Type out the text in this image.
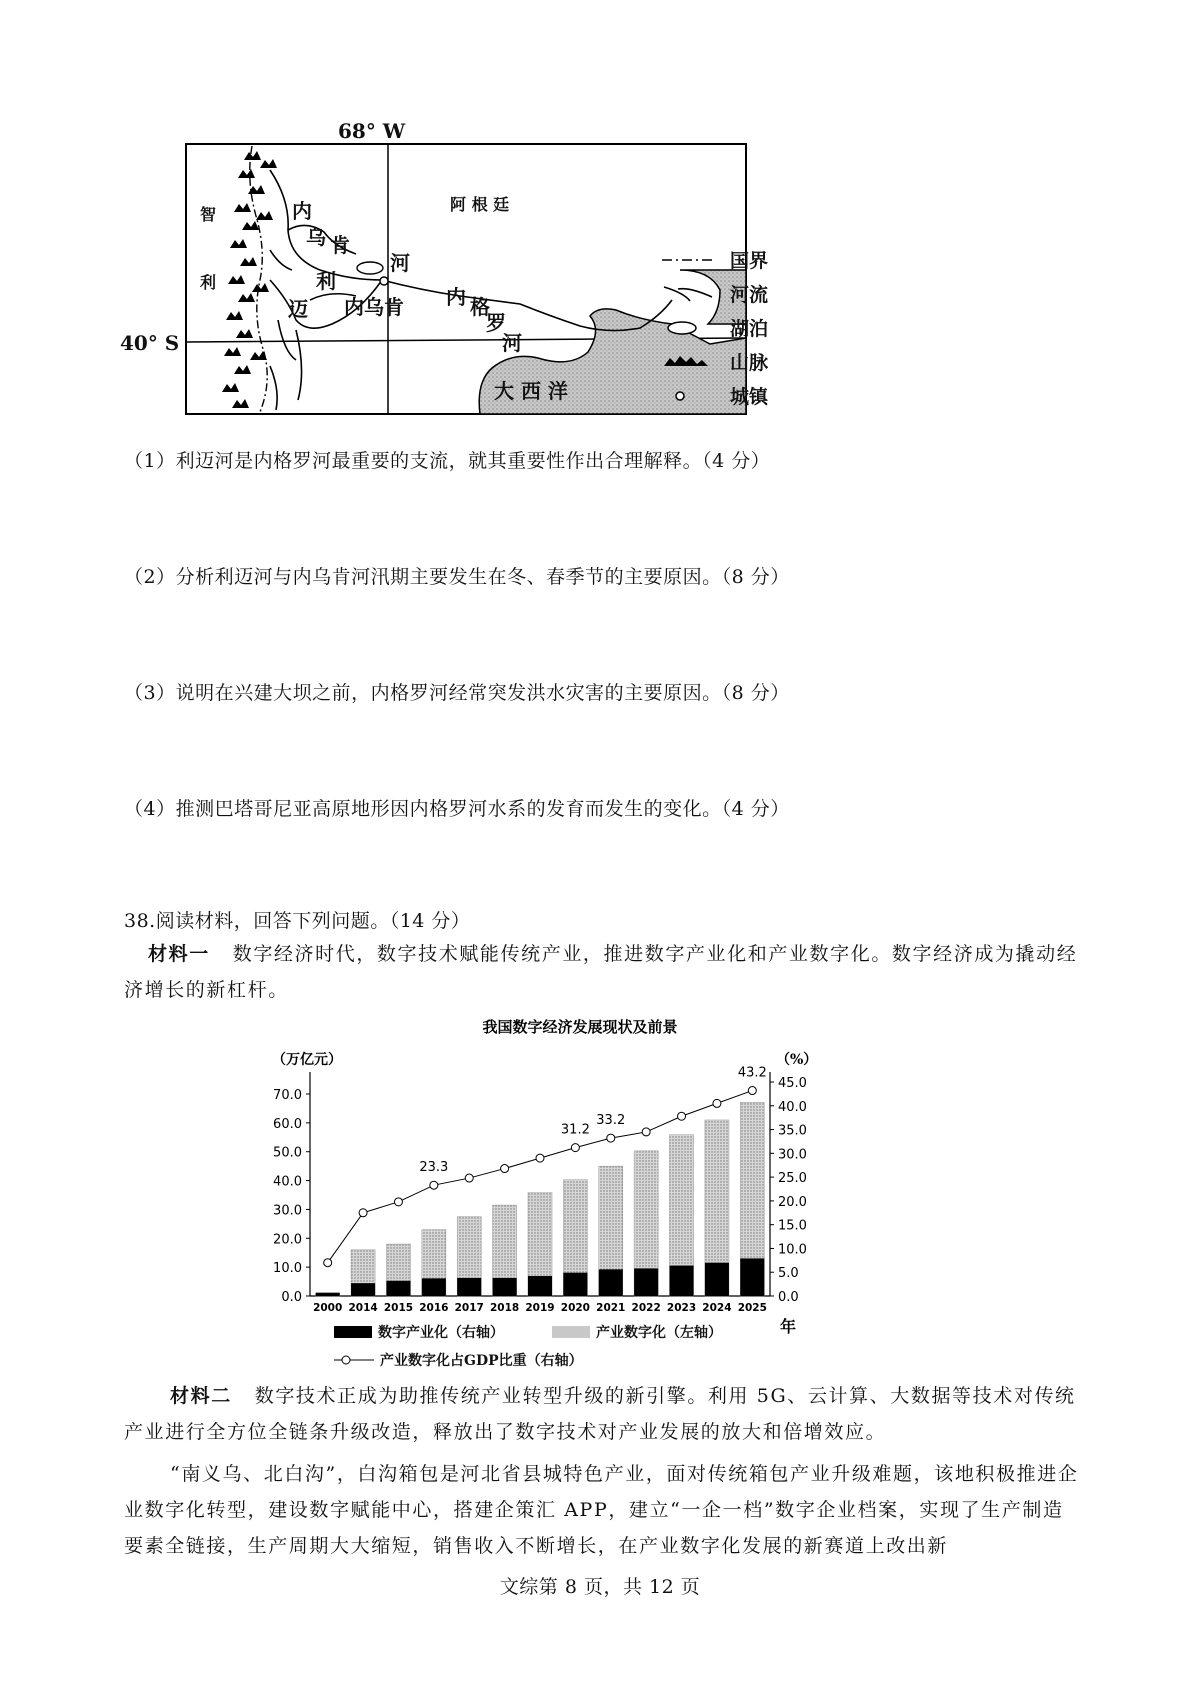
68° W
40° S
阿 根 廷
智
利
内
乌 肯
河
利
迈 内乌肯 内 格
罗
河
大 西 洋
国界
河流
湖泊
山脉
城镇
（1）利迈河是内格罗河最重要的支流，就其重要性作出合理解释。（4 分）
（2）分析利迈河与内乌肯河汛期主要发生在冬、春季节的主要原因。（8 分）
（3）说明在兴建大坝之前，内格罗河经常突发洪水灾害的主要原因。（8 分）
（4）推测巴塔哥尼亚高原地形因内格罗河水系的发育而发生的变化。（4 分）
38.阅读材料，回答下列问题。（14 分）
材料一 数字经济时代，数字技术赋能传统产业，推进数字产业化和产业数字化。数字经济成为撬动经济增长的新杠杆。
我国数字经济发展现状及前景
（万亿元）	（%）
年
70.0
60.0
50.0
40.0
30.0
20.0
10.0
0.0
45.0
40.0
35.0
30.0
25.0
20.0
15.0
10.0
5.0
0.0
2000 2014 2015 2016 2017 2018 2019 2020 2021 2022 2023 2024 2025
23.3
31.2
33.2
43.2
数字产业化（右轴）	产业数字化（左轴）
产业数字化占GDP比重（右轴）
材料二 数字技术正成为助推传统产业转型升级的新引擎。利用 5G、云计算、大数据等技术对传统产业进行全方位全链条升级改造，释放出了数字技术对产业发展的放大和倍增效应。
“南义乌、北白沟”，白沟箱包是河北省县城特色产业，面对传统箱包产业升级难题，该地积极推进企业数字化转型，建设数字赋能中心，搭建企策汇 APP，建立“一企一档”数字企业档案，实现了生产制造要素全链接，生产周期大大缩短，销售收入不断增长，在产业数字化发展的新赛道上改出新
文综第 8 页，共 12 页
